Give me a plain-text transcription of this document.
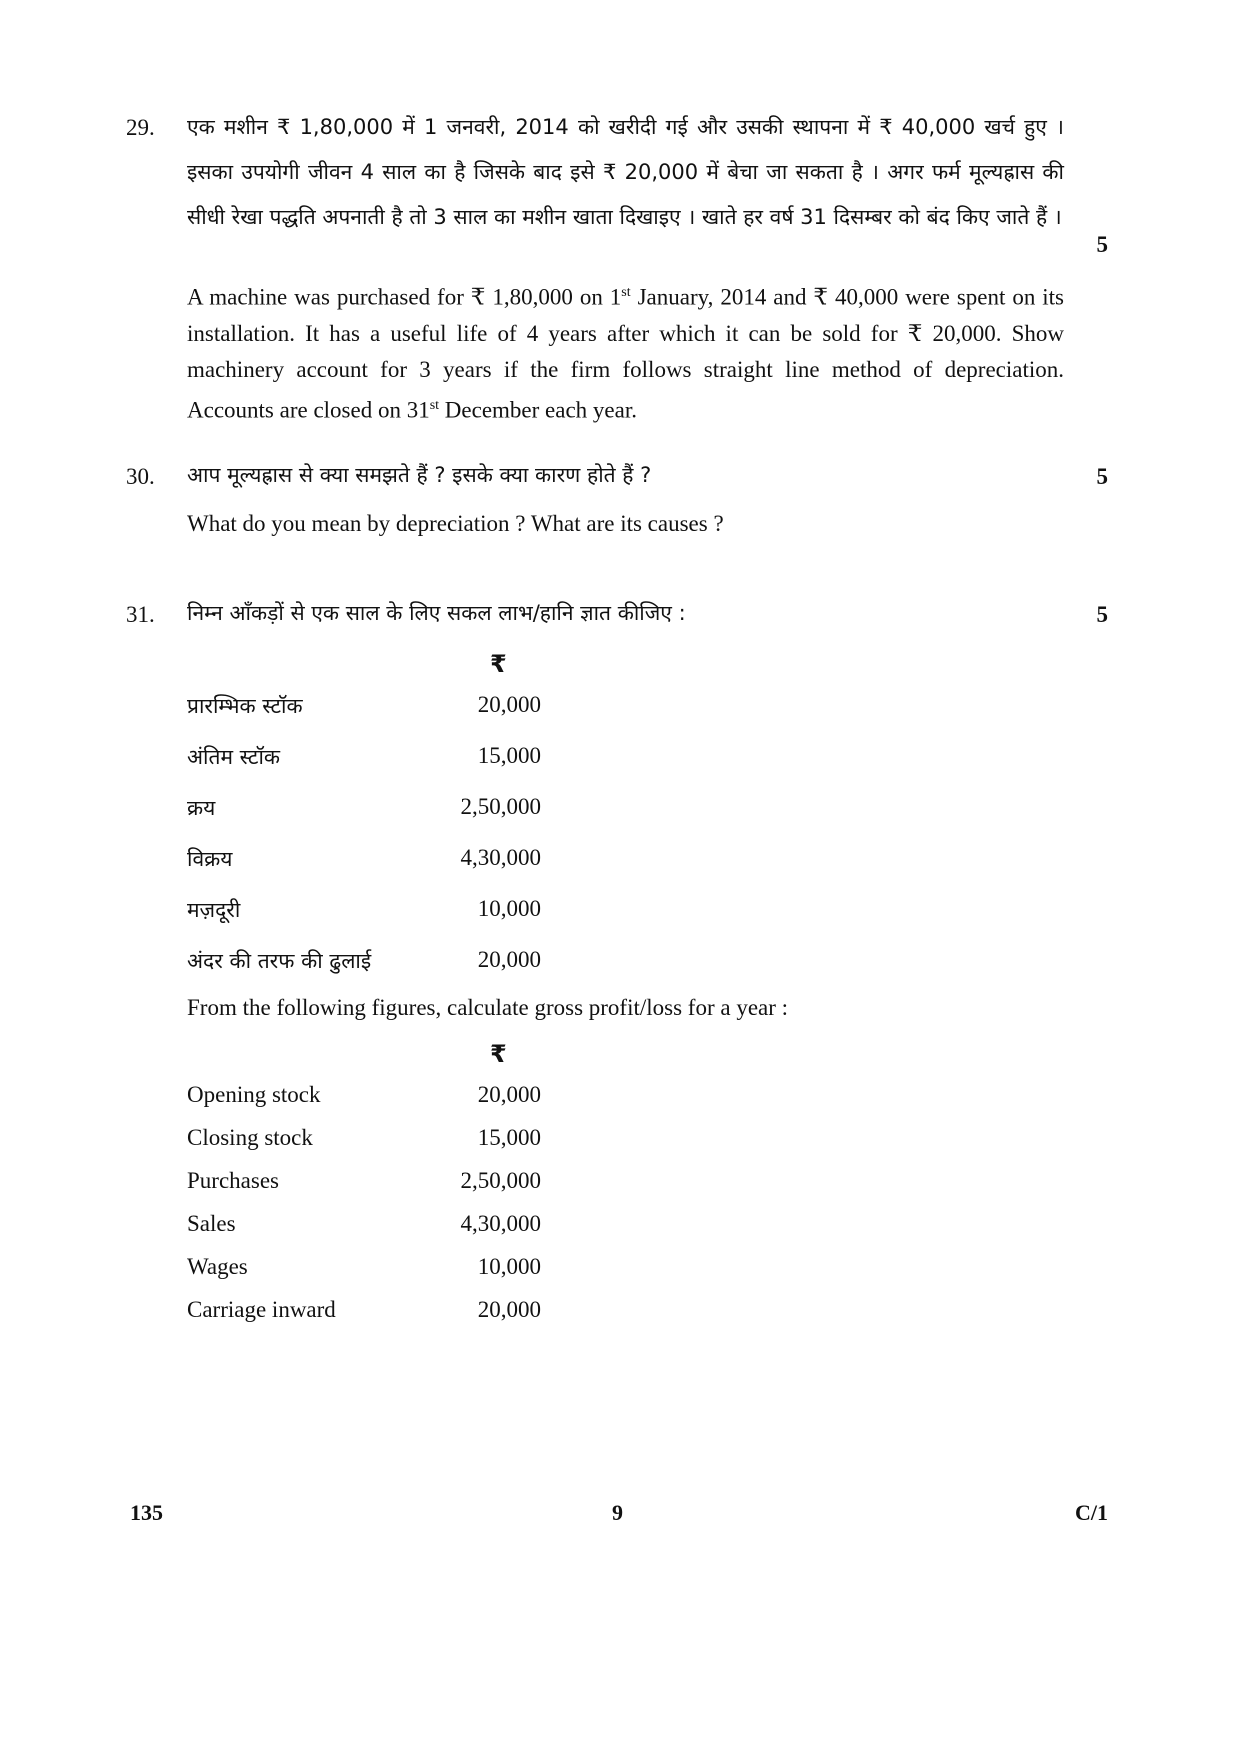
29. एक मशीन ₹ 1,80,000 में 1 जनवरी, 2014 को खरीदी गई और उसकी स्थापना में ₹ 40,000 खर्च हुए । इसका उपयोगी जीवन 4 साल का है जिसके बाद इसे ₹ 20,000 में बेचा जा सकता है । अगर फर्म मूल्यह्रास की सीधी रेखा पद्धति अपनाती है तो 3 साल का मशीन खाता दिखाइए । खाते हर वर्ष 31 दिसम्बर को बंद किए जाते हैं ।
5
A machine was purchased for ₹ 1,80,000 on 1st January, 2014 and ₹ 40,000 were spent on its installation. It has a useful life of 4 years after which it can be sold for ₹ 20,000. Show machinery account for 3 years if the firm follows straight line method of depreciation. Accounts are closed on 31st December each year.
30. आप मूल्यह्रास से क्या समझते हैं ? इसके क्या कारण होते हैं ?	5
What do you mean by depreciation ? What are its causes ?
31. निम्न आँकड़ों से एक साल के लिए सकल लाभ/हानि ज्ञात कीजिए :	5
₹
प्रारम्भिक स्टॉक	20,000
अंतिम स्टॉक	15,000
क्रय	2,50,000
विक्रय	4,30,000
मज़दूरी	10,000
अंदर की तरफ की ढुलाई	20,000
From the following figures, calculate gross profit/loss for a year :
₹
Opening stock	20,000
Closing stock	15,000
Purchases	2,50,000
Sales	4,30,000
Wages	10,000
Carriage inward	20,000
135	9	C/1
